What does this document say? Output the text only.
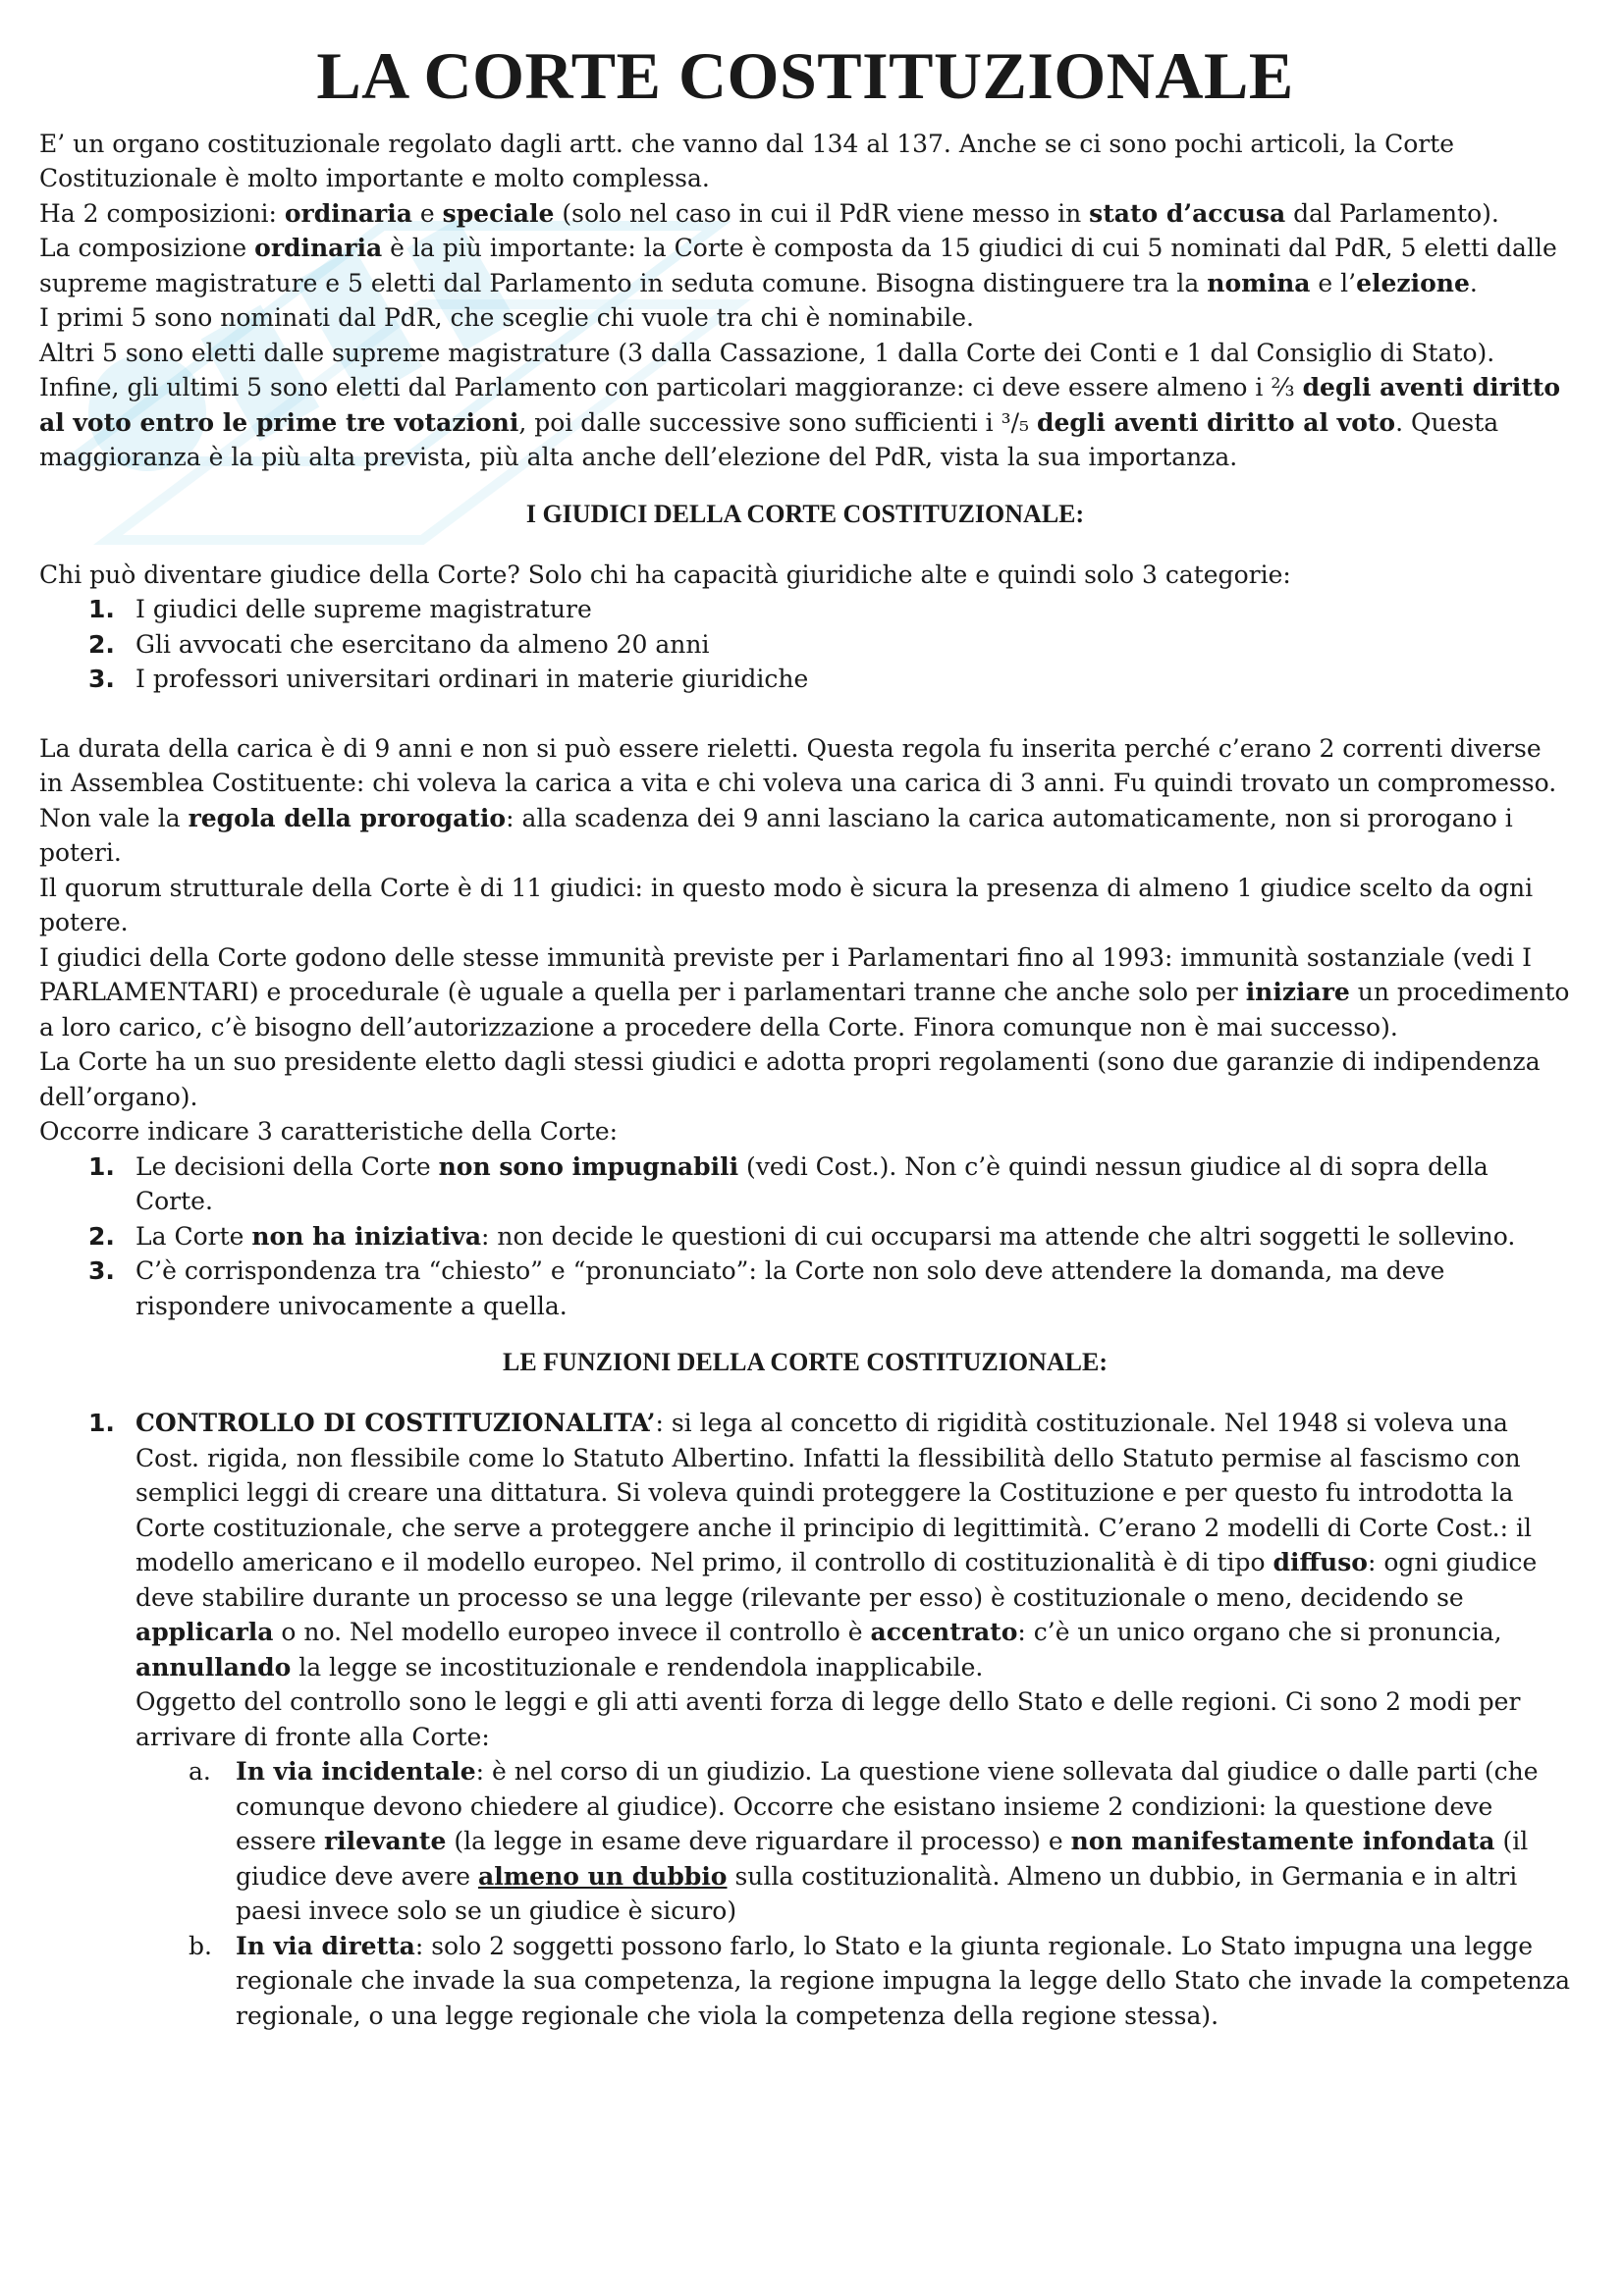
LA CORTE COSTITUZIONALE

E’ un organo costituzionale regolato dagli artt. che vanno dal 134 al 137. Anche se ci sono pochi articoli, la Corte Costituzionale è molto importante e molto complessa.

Ha 2 composizioni: ordinaria e speciale (solo nel caso in cui il PdR viene messo in stato d’accusa dal Parlamento).

La composizione ordinaria è la più importante: la Corte è composta da 15 giudici di cui 5 nominati dal PdR, 5 eletti dalle supreme magistrature e 5 eletti dal Parlamento in seduta comune. Bisogna distinguere tra la nomina e l’elezione.

I primi 5 sono nominati dal PdR, che sceglie chi vuole tra chi è nominabile.

Altri 5 sono eletti dalle supreme magistrature (3 dalla Cassazione, 1 dalla Corte dei Conti e 1 dal Consiglio di Stato).

Infine, gli ultimi 5 sono eletti dal Parlamento con particolari maggioranze: ci deve essere almeno i ⅔ degli aventi diritto al voto entro le prime tre votazioni, poi dalle successive sono sufficienti i ³/₅ degli aventi diritto al voto. Questa maggioranza è la più alta prevista, più alta anche dell’elezione del PdR, vista la sua importanza.

I GIUDICI DELLA CORTE COSTITUZIONALE:

Chi può diventare giudice della Corte? Solo chi ha capacità giuridiche alte e quindi solo 3 categorie:

1. I giudici delle supreme magistrature
2. Gli avvocati che esercitano da almeno 20 anni
3. I professori universitari ordinari in materie giuridiche

La durata della carica è di 9 anni e non si può essere rieletti. Questa regola fu inserita perché c’erano 2 correnti diverse in Assemblea Costituente: chi voleva la carica a vita e chi voleva una carica di 3 anni. Fu quindi trovato un compromesso.

Non vale la regola della prorogatio: alla scadenza dei 9 anni lasciano la carica automaticamente, non si prorogano i poteri.

Il quorum strutturale della Corte è di 11 giudici: in questo modo è sicura la presenza di almeno 1 giudice scelto da ogni potere.

I giudici della Corte godono delle stesse immunità previste per i Parlamentari fino al 1993: immunità sostanziale (vedi I PARLAMENTARI) e procedurale (è uguale a quella per i parlamentari tranne che anche solo per iniziare un procedimento a loro carico, c’è bisogno dell’autorizzazione a procedere della Corte. Finora comunque non è mai successo).

La Corte ha un suo presidente eletto dagli stessi giudici e adotta propri regolamenti (sono due garanzie di indipendenza dell’organo).

Occorre indicare 3 caratteristiche della Corte:

1. Le decisioni della Corte non sono impugnabili (vedi Cost.). Non c’è quindi nessun giudice al di sopra della Corte.
2. La Corte non ha iniziativa: non decide le questioni di cui occuparsi ma attende che altri soggetti le sollevino.
3. C’è corrispondenza tra “chiesto” e “pronunciato”: la Corte non solo deve attendere la domanda, ma deve rispondere univocamente a quella.
LE FUNZIONI DELLA CORTE COSTITUZIONALE:
1. CONTROLLO DI COSTITUZIONALITA’: si lega al concetto di rigidità costituzionale. Nel 1948 si voleva una Cost. rigida, non flessibile come lo Statuto Albertino. Infatti la flessibilità dello Statuto permise al fascismo con semplici leggi di creare una dittatura. Si voleva quindi proteggere la Costituzione e per questo fu introdotta la Corte costituzionale, che serve a proteggere anche il principio di legittimità. C’erano 2 modelli di Corte Cost.: il modello americano e il modello europeo. Nel primo, il controllo di costituzionalità è di tipo diffuso: ogni giudice deve stabilire durante un processo se una legge (rilevante per esso) è costituzionale o meno, decidendo se applicarla o no. Nel modello europeo invece il controllo è accentrato: c’è un unico organo che si pronuncia, annullando la legge se incostituzionale e rendendola inapplicabile.

Oggetto del controllo sono le leggi e gli atti aventi forza di legge dello Stato e delle regioni. Ci sono 2 modi per arrivare di fronte alla Corte:

a. In via incidentale: è nel corso di un giudizio. La questione viene sollevata dal giudice o dalle parti (che comunque devono chiedere al giudice). Occorre che esistano insieme 2 condizioni: la questione deve essere rilevante (la legge in esame deve riguardare il processo) e non manifestamente infondata (il giudice deve avere almeno un dubbio sulla costituzionalità. Almeno un dubbio, in Germania e in altri paesi invece solo se un giudice è sicuro)
b. In via diretta: solo 2 soggetti possono farlo, lo Stato e la giunta regionale. Lo Stato impugna una legge regionale che invade la sua competenza, la regione impugna la legge dello Stato che invade la competenza regionale, o una legge regionale che viola la competenza della regione stessa).
